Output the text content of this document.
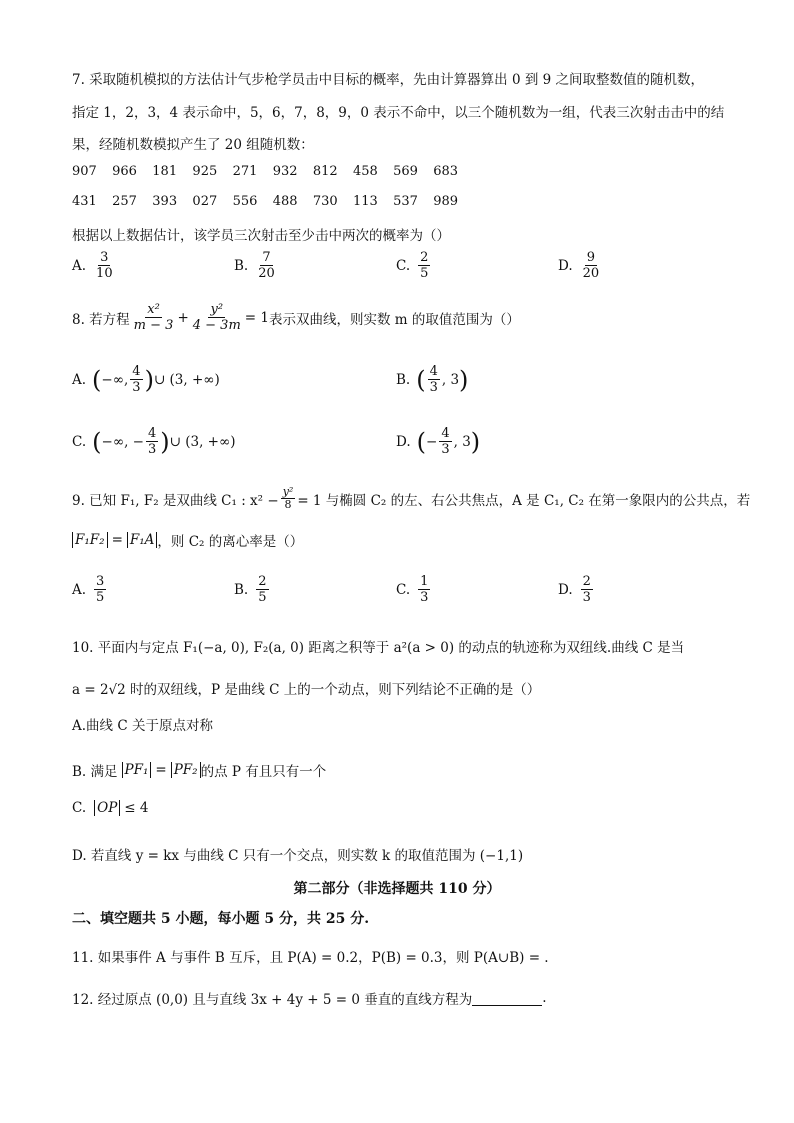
7. 采取随机模拟的方法估计气步枪学员击中目标的概率，先由计算器算出 0 到 9 之间取整数值的随机数，
指定 1，2，3，4 表示命中，5，6，7，8，9，0 表示不命中，以三个随机数为一组，代表三次射击击中的结
果，经随机数模拟产生了 20 组随机数：
907 966 181 925 271 932 812 458 569 683
431 257 393 027 556 488 730 113 537 989
根据以上数据估计，该学员三次射击至少击中两次的概率为（）
A. $\frac{3}{10}$	B. $\frac{7}{20}$	C. $\frac{2}{5}$	D. $\frac{9}{20}$
8. 若方程 $\frac{\text{x²}}{m - 3} + \frac{\text{y²}}{4 - 3m} = 1$ 表示双曲线，则实数 m 的取值范围为（）
A. ( −∞, $\frac{4}{3}$ ) ∪ (3, +∞)	B. ( $\frac{4}{3}$ , 3 )
C. ( −∞, − $\frac{4}{3}$ ) ∪ (3, +∞)	D. ( − $\frac{4}{3}$ , 3 )
9. 已知 F₁, F₂ 是双曲线 C₁ : $x^2 - \frac{\text{y²}}{8} = 1$ 与椭圆 C₂ 的左、右公共焦点，A 是 C₁, C₂ 在第一象限内的公共点，若
F₁F₂ = F₁A ，则 C₂ 的离心率是（）
A. $\frac{3}{5}$	B. $\frac{2}{5}$	C. $\frac{1}{3}$	D. $\frac{2}{3}$
10. 平面内与定点 F₁(−a, 0), F₂(a, 0) 距离之积等于 a²(a > 0) 的动点的轨迹称为双纽线.曲线 C 是当
a = 2√2 时的双纽线，P 是曲线 C 上的一个动点，则下列结论不正确的是（）
A.曲线 C 关于原点对称
B. 满足 PF₁ = PF₂ 的点 P 有且只有一个
C. OP ≤ 4
D. 若直线 y = kx 与曲线 C 只有一个交点，则实数 k 的取值范围为 (−1,1)
第二部分（非选择题共 110 分）
二、填空题共 5 小题，每小题 5 分，共 25 分.
11. 如果事件 A 与事件 B 互斥，且 P(A) = 0.2，P(B) = 0.3，则 P(A∪B) = .
12. 经过原点 (0,0) 且与直线 3x + 4y + 5 = 0 垂直的直线方程为	.
